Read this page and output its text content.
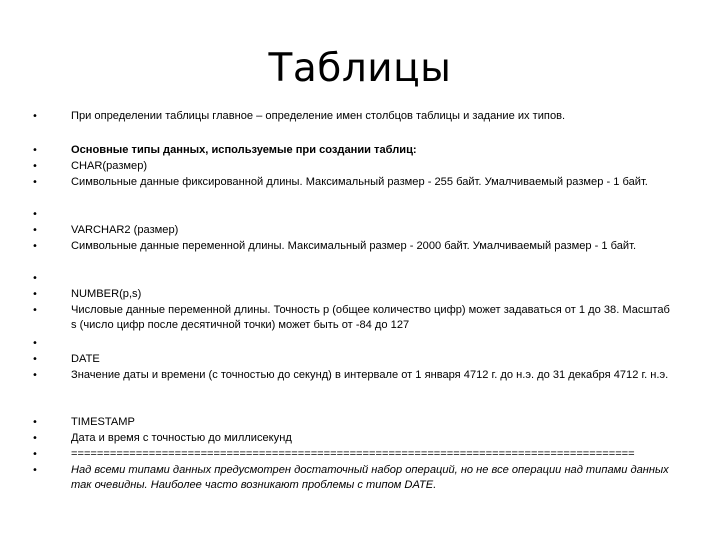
Таблицы
•	При определении таблицы главное – определение имен столбцов таблицы и задание их типов.
•	Основные типы данных, используемые при создании таблиц:
•	CHAR(размер)
•	Символьные данные фиксированной длины. Максимальный размер - 255 байт. Умалчиваемый размер - 1 байт.
•
•	VARCHAR2 (размер)
•	Символьные данные переменной длины. Максимальный размер - 2000 байт. Умалчиваемый размер - 1 байт.
•
•	NUMBER(p,s)
•	Числовые данные переменной длины. Точность p (общее количество цифр) может задаваться от 1 до 38. Масштаб s (число цифр после десятичной точки) может быть от -84 до 127
•
•	DATE
•	Значение даты и времени (с точностью до секунд) в интервале от 1 января 4712 г. до н.э. до 31 декабря 4712 г. н.э.
•	TIMESTAMP
•	Дата и время с точностью до миллисекунд
•	=======================================================================================
•	Над всеми типами данных предусмотрен достаточный набор операций, но не все операции над типами данных так очевидны. Наиболее часто возникают проблемы с типом DATE.
